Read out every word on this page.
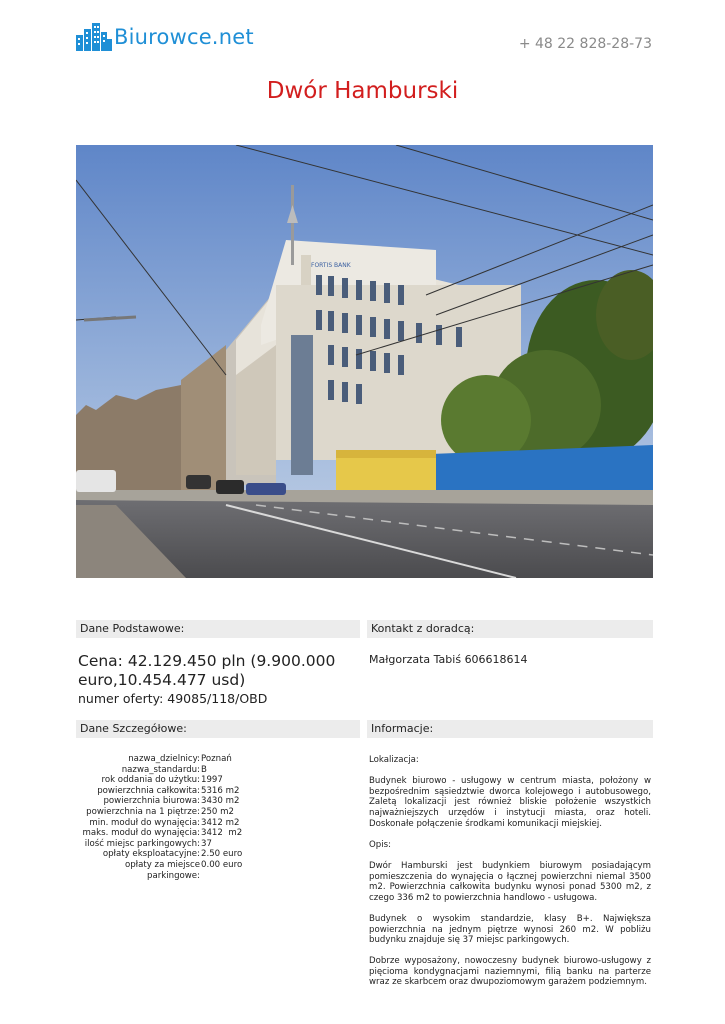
Biurowce.net	+ 48 22 828-28-73
Dwór Hamburski
FORTIS BANK
Dane Podstawowe:	Kontakt z doradcą:
Cena: 42.129.450 pln (9.900.000 euro,10.454.477 usd)
numer oferty: 49085/118/OBD
Małgorzata Tabiś 606618614
Dane Szczegółowe:	Informacje:
nazwa_dzielnicy: Poznań
nazwa_standardu: B
rok oddania do użytku: 1997
powierzchnia całkowita: 5316 m2
powierzchnia biurowa: 3430 m2
powierzchnia na 1 piętrze: 250 m2
min. moduł do wynajęcia: 3412 m2
maks. moduł do wynajęcia: 3412  m2
ilość miejsc parkingowych: 37
opłaty eksploatacyjne: 2.50 euro
opłaty za miejsce parkingowe:
0.00 euro

Lokalizacja:

Budynek biurowo - usługowy w centrum miasta, położony w bezpośrednim sąsiedztwie dworca kolejowego i autobusowego, Zaletą lokalizacji jest również bliskie położenie wszystkich najważniejszych urzędów i instytucji miasta, oraz hoteli. Doskonałe połączenie środkami komunikacji miejskiej.

Opis:

Dwór Hamburski jest budynkiem biurowym posiadającym pomieszczenia do wynajęcia o łącznej powierzchni niemal 3500 m2. Powierzchnia całkowita budynku wynosi ponad 5300 m2, z czego 336 m2 to powierzchnia handlowo - usługowa.

Budynek o wysokim standardzie, klasy B+. Największa powierzchnia na jednym piętrze wynosi 260 m2. W pobliżu budynku znajduje się 37 miejsc parkingowych.

Dobrze wyposażony, nowoczesny budynek biurowo-usługowy z pięcioma kondygnacjami naziemnymi, filią banku na parterze wraz ze skarbcem oraz dwupoziomowym garażem podziemnym.
